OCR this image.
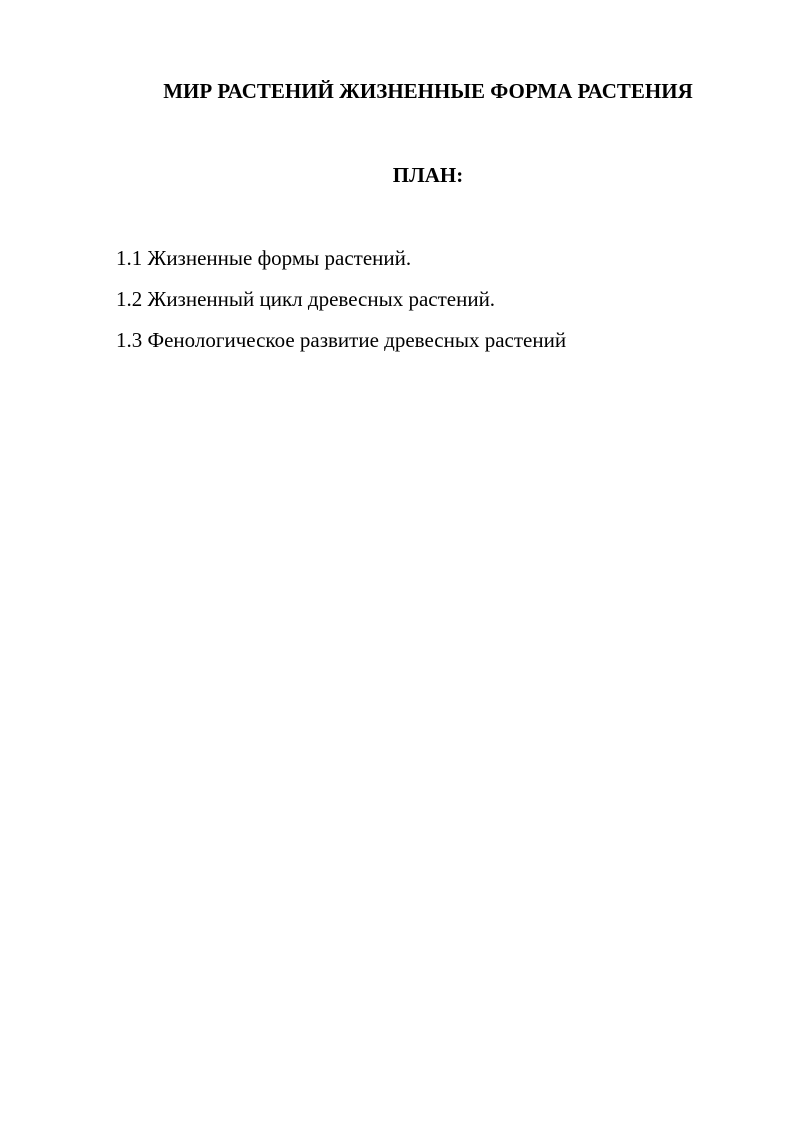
МИР РАСТЕНИЙ ЖИЗНЕННЫЕ ФОРМА РАСТЕНИЯ
ПЛАН:
1.1 Жизненные формы растений.
1.2 Жизненный цикл древесных растений.
1.3 Фенологическое развитие древесных растений
